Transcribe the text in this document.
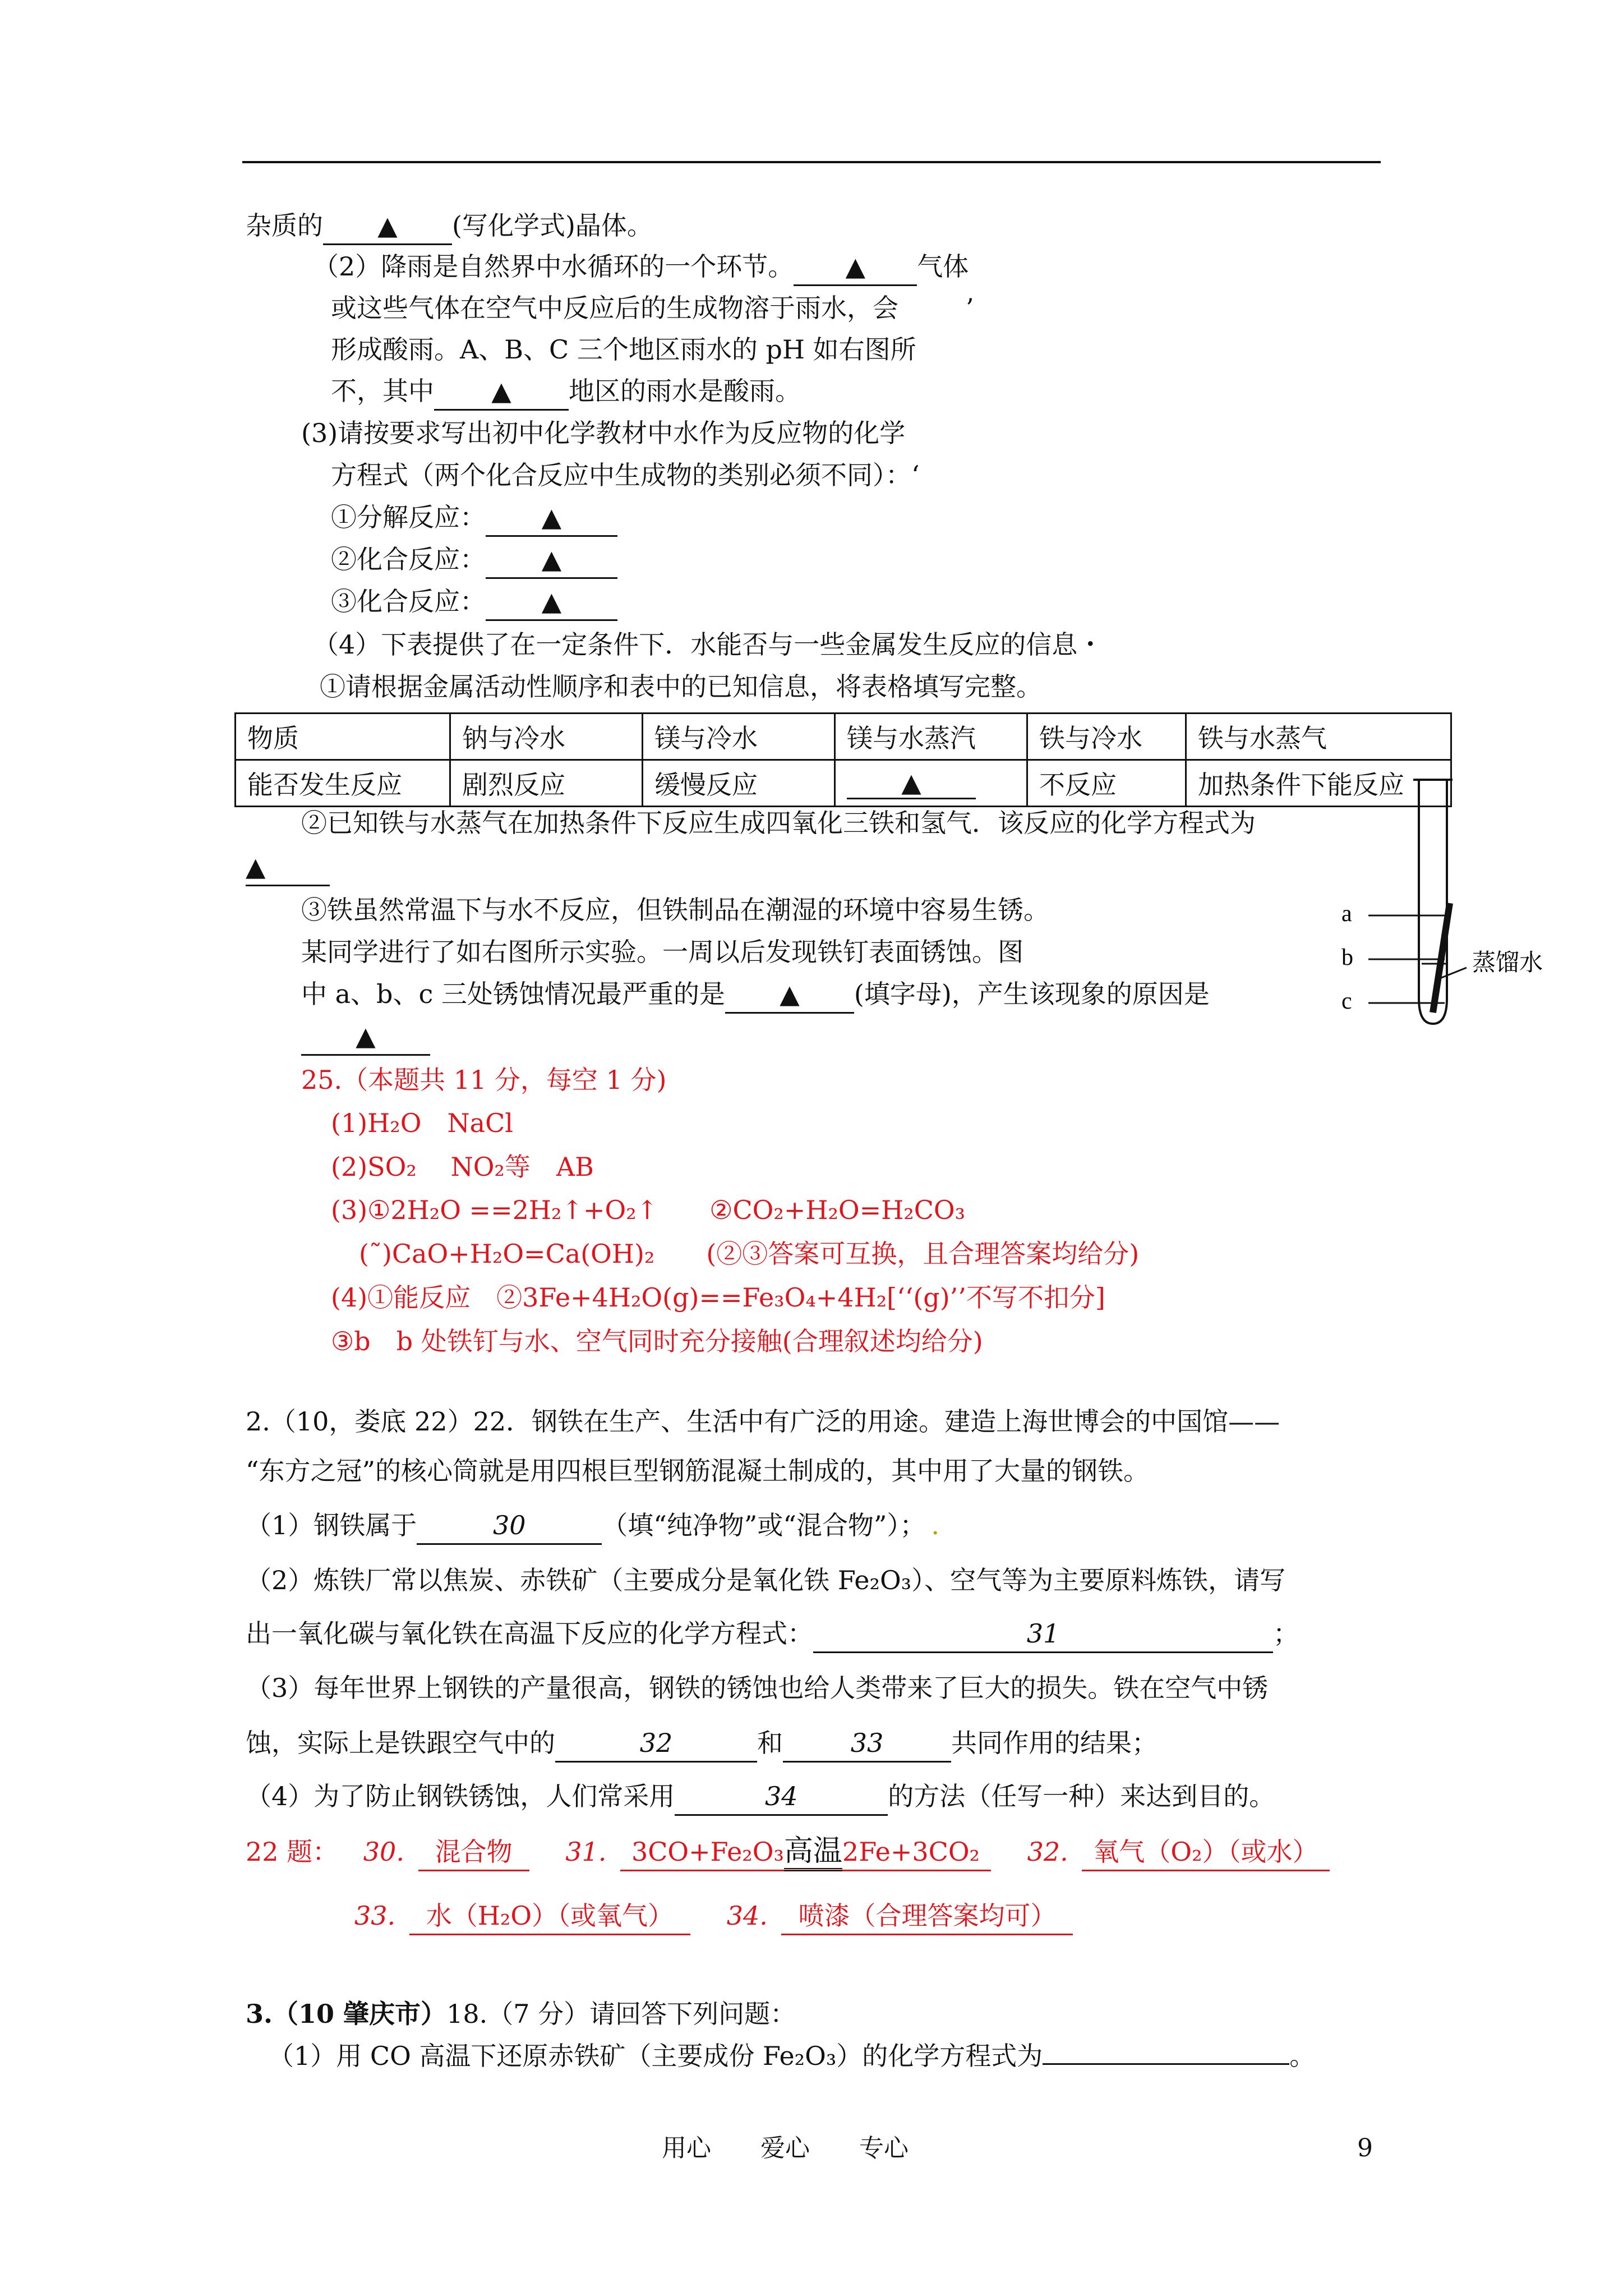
杂质的 ▲ (写化学式)晶体。
（2）降雨是自然界中水循环的一个环节。 ▲ 气体
或这些气体在空气中反应后的生成物溶于雨水，会	’
形成酸雨。A、B、C 三个地区雨水的 pH 如右图所
不，其中 ▲ 地区的雨水是酸雨。
(3)请按要求写出初中化学教材中水作为反应物的化学
方程式（两个化合反应中生成物的类别必须不同）：‘
①分解反应： ▲
②化合反应： ▲
③化合反应： ▲
（4）下表提供了在一定条件下．水能否与一些金属发生反应的信息・
①请根据金属活动性顺序和表中的已知信息，将表格填写完整。
物质	钠与冷水	镁与冷水	镁与水蒸汽	铁与冷水	铁与水蒸气
能否发生反应	剧烈反应	缓慢反应	▲	不反应	加热条件下能反应
②已知铁与水蒸气在加热条件下反应生成四氧化三铁和氢气．该反应的化学方程式为
▲
③铁虽然常温下与水不反应，但铁制品在潮湿的环境中容易生锈。
某同学进行了如右图所示实验。一周以后发现铁钉表面锈蚀。图
中 a、b、c 三处锈蚀情况最严重的是 ▲ (填字母)，产生该现象的原因是
▲
a
b
c
蒸馏水
25.（本题共 11 分，每空 1 分)
(1)H₂O　NaCl
(2)SO₂　 NO₂等　AB
(3)①2H₂O ==2H₂↑+O₂↑　　②CO₂+H₂O=H₂CO₃
(˜)CaO+H₂O=Ca(OH)₂　　(②③答案可互换，且合理答案均给分)
(4)①能反应　②3Fe+4H₂O(g)==Fe₃O₄+4H₂[‘‘(g)’’不写不扣分]
③b　b 处铁钉与水、空气同时充分接触(合理叙述均给分)
2.（10，娄底 22）22．钢铁在生产、生活中有广泛的用途。建造上海世博会的中国馆——
“东方之冠”的核心筒就是用四根巨型钢筋混凝土制成的，其中用了大量的钢铁。
（1）钢铁属于	30	（填“纯净物”或“混合物”）； .
（2）炼铁厂常以焦炭、赤铁矿（主要成分是氧化铁 Fe₂O₃）、空气等为主要原料炼铁，请写
出一氧化碳与氧化铁在高温下反应的化学方程式：	31	；
（3）每年世界上钢铁的产量很高，钢铁的锈蚀也给人类带来了巨大的损失。铁在空气中锈
蚀，实际上是铁跟空气中的	32	和	33	共同作用的结果；
（4）为了防止钢铁锈蚀，人们常采用	34	的方法（任写一种）来达到目的。
22 题： 30. 混合物 31. 3CO+Fe₂O₃高温2Fe+3CO₂ 32. 氧气（O₂）（或水）
33. 水（H₂O）（或氧气） 34. 喷漆（合理答案均可）
3.（10 肇庆市）18.（7 分）请回答下列问题：
（1）用 CO 高温下还原赤铁矿（主要成份 Fe₂O₃）的化学方程式为	。
用心　　爱心　　专心	9
